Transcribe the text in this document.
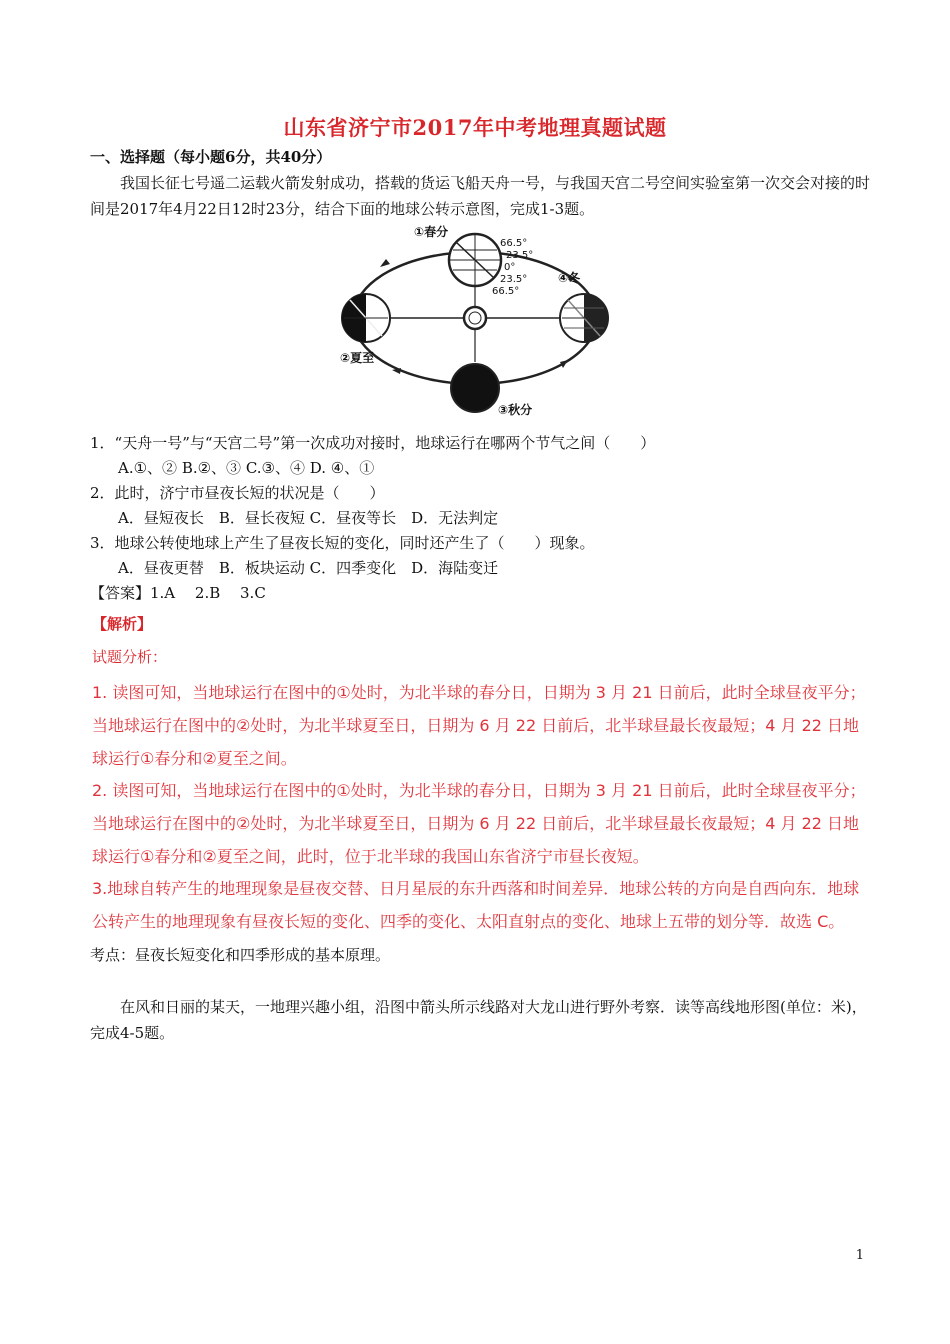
山东省济宁市2017年中考地理真题试题
一、选择题（每小题6分，共40分）
我国长征七号遥二运载火箭发射成功，搭载的货运飞船天舟一号，与我国天宫二号空间实验室第一次交会对接的时间是2017年4月22日12时23分，结合下面的地球公转示意图，完成1-3题。
①春分
②夏至
③秋分
④冬
66.5°
23.5°
0°
23.5°
66.5°
1．“天舟一号”与“天宫二号”第一次成功对接时，地球运行在哪两个节气之间（　　）
A.①、② B.②、③ C.③、④ D. ④、①
2．此时，济宁市昼夜长短的状况是（　　）
A．昼短夜长　B．昼长夜短 C．昼夜等长　D．无法判定
3．地球公转使地球上产生了昼夜长短的变化，同时还产生了（　　）现象。
A．昼夜更替　B．板块运动 C．四季变化　D．海陆变迁
【答案】1.A　 2.B　 3.C
【解析】
试题分析：
1. 读图可知，当地球运行在图中的①处时，为北半球的春分日，日期为 3 月 21 日前后，此时全球昼夜平分；当地球运行在图中的②处时，为北半球夏至日，日期为 6 月 22 日前后，北半球昼最长夜最短；4 月 22 日地球运行①春分和②夏至之间。
2. 读图可知，当地球运行在图中的①处时，为北半球的春分日，日期为 3 月 21 日前后，此时全球昼夜平分；当地球运行在图中的②处时，为北半球夏至日，日期为 6 月 22 日前后，北半球昼最长夜最短；4 月 22 日地球运行①春分和②夏至之间，此时，位于北半球的我国山东省济宁市昼长夜短。
3.地球自转产生的地理现象是昼夜交替、日月星辰的东升西落和时间差异．地球公转的方向是自西向东．地球公转产生的地理现象有昼夜长短的变化、四季的变化、太阳直射点的变化、地球上五带的划分等．故选 C。
考点：昼夜长短变化和四季形成的基本原理。
在风和日丽的某天，一地理兴趣小组，沿图中箭头所示线路对大龙山进行野外考察．读等高线地形图(单位：米)，完成4-5题。
1
